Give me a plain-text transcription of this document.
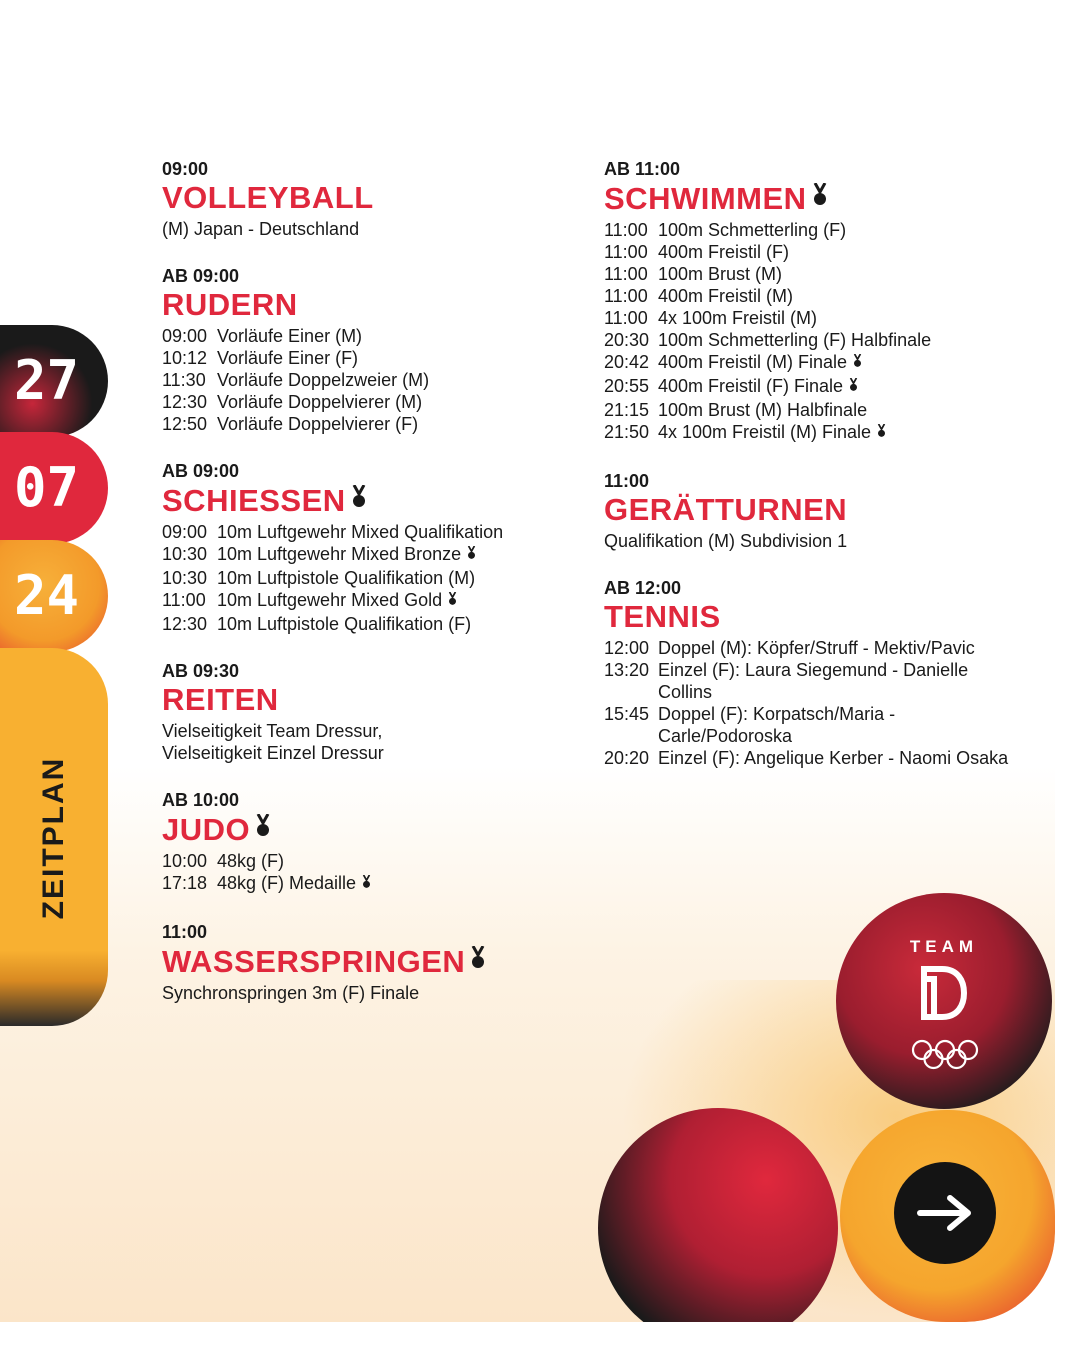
27
07
24
ZEITPLAN
09:00
VOLLEYBALL
(M) Japan - Deutschland
AB 09:00
RUDERN
09:00 Vorläufe Einer (M)
10:12 Vorläufe Einer (F)
11:30 Vorläufe Doppelzweier (M)
12:30 Vorläufe Doppelvierer (M)
12:50 Vorläufe Doppelvierer (F)
AB 09:00
SCHIESSEN
09:00 10m Luftgewehr Mixed Qualifikation
10:30 10m Luftgewehr Mixed Bronze
10:30 10m Luftpistole Qualifikation (M)
11:00 10m Luftgewehr Mixed Gold
12:30 10m Luftpistole Qualifikation (F)
AB 09:30
REITEN
Vielseitigkeit Team Dressur,
Vielseitigkeit Einzel Dressur
AB 10:00
JUDO
10:00 48kg (F)
17:18 48kg (F) Medaille
11:00
WASSERSPRINGEN
Synchronspringen 3m (F) Finale
AB 11:00
SCHWIMMEN
11:00 100m Schmetterling (F)
11:00 400m Freistil (F)
11:00 100m Brust (M)
11:00 400m Freistil (M)
11:00 4x 100m Freistil (M)
20:30 100m Schmetterling (F) Halbfinale
20:42 400m Freistil (M) Finale
20:55 400m Freistil (F) Finale
21:15 100m Brust (M) Halbfinale
21:50 4x 100m Freistil (M) Finale
11:00
GERÄTTURNEN
Qualifikation (M) Subdivision 1
AB 12:00
TENNIS
12:00 Doppel (M): Köpfer/Struff - Mektiv/Pavic
13:20 Einzel (F): Laura Siegemund - Danielle Collins
15:45 Doppel (F): Korpatsch/Maria - Carle/Podoroska
20:20 Einzel (F): Angelique Kerber - Naomi Osaka
TEAM
